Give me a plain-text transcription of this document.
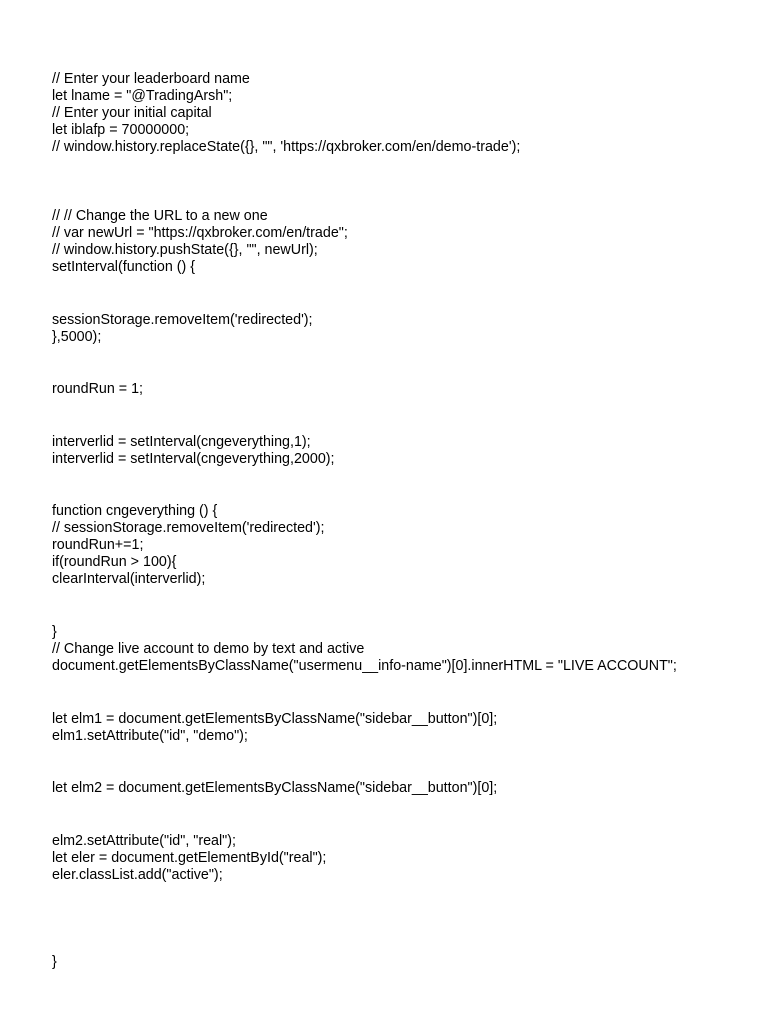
// Enter your leaderboard name
let lname = "@TradingArsh";
// Enter your initial capital
let iblafp = 70000000;
// window.history.replaceState({}, "", 'https://qxbroker.com/en/demo-trade');
// // Change the URL to a new one
// var newUrl = "https://qxbroker.com/en/trade";
// window.history.pushState({}, "", newUrl);
setInterval(function () {
sessionStorage.removeItem('redirected');
},5000);
roundRun = 1;
interverlid = setInterval(cngeverything,1);
interverlid = setInterval(cngeverything,2000);
function cngeverything () {
// sessionStorage.removeItem('redirected');
roundRun+=1;
if(roundRun > 100){
clearInterval(interverlid);
}
// Change live account to demo by text and active
document.getElementsByClassName("usermenu__info-name")[0].innerHTML = "LIVE ACCOUNT";
let elm1 = document.getElementsByClassName("sidebar__button")[0];
elm1.setAttribute("id", "demo");
let elm2 = document.getElementsByClassName("sidebar__button")[0];
elm2.setAttribute("id", "real");
let eler = document.getElementById("real");
eler.classList.add("active");
}
